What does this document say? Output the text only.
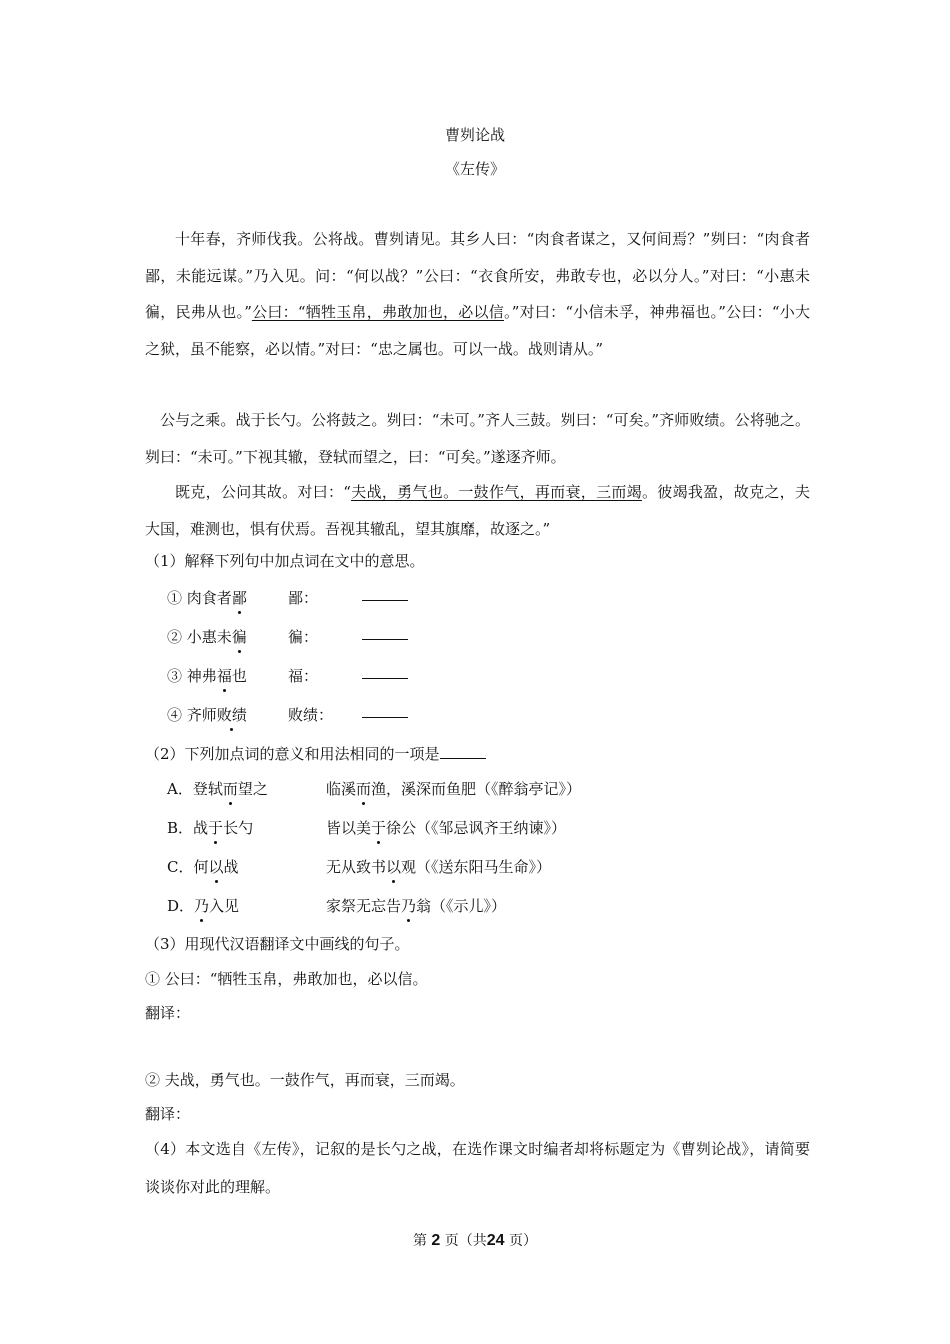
曹刿论战
《左传》
十年春，齐师伐我。公将战。曹刿请见。其乡人曰：“肉食者谋之，又何间焉？”刿曰：“肉食者鄙，未能远谋。”乃入见。问：“何以战？”公曰：“衣食所安，弗敢专也，必以分人。”对曰：“小惠未徧，民弗从也。”公曰：“牺牲玉帛，弗敢加也，必以信。”对曰：“小信未孚，神弗福也。”公曰：“小大之狱，虽不能察，必以情。”对曰：“忠之属也。可以一战。战则请从。”
公与之乘。战于长勺。公将鼓之。刿曰：“未可。”齐人三鼓。刿曰：“可矣。”齐师败绩。公将驰之。刿曰：“未可。”下视其辙，登轼而望之，曰：“可矣。”遂逐齐师。
既克，公问其故。对曰：“夫战，勇气也。一鼓作气，再而衰，三而竭。彼竭我盈，故克之，夫大国，难测也，惧有伏焉。吾视其辙乱，望其旗靡，故逐之。”
（1）解释下列句中加点词在文中的意思。
① 肉食者鄙	鄙：
② 小惠未徧	徧：
③ 神弗福也	福：
④ 齐师败绩	败绩：
（2）下列加点词的意义和用法相同的一项是
A．登轼而望之	临溪而渔，溪深而鱼肥（《醉翁亭记》）
B．战于长勺	皆以美于徐公（《邹忌讽齐王纳谏》）
C．何以战	无从致书以观（《送东阳马生命》）
D．乃入见	家祭无忘告乃翁（《示儿》）
（3）用现代汉语翻译文中画线的句子。
① 公曰：“牺牲玉帛，弗敢加也，必以信。
翻译：
② 夫战，勇气也。一鼓作气，再而衰，三而竭。
翻译：
（4）本文选自《左传》，记叙的是长勺之战，在选作课文时编者却将标题定为《曹刿论战》，请简要谈谈你对此的理解。
第 2 页（共24 页）
